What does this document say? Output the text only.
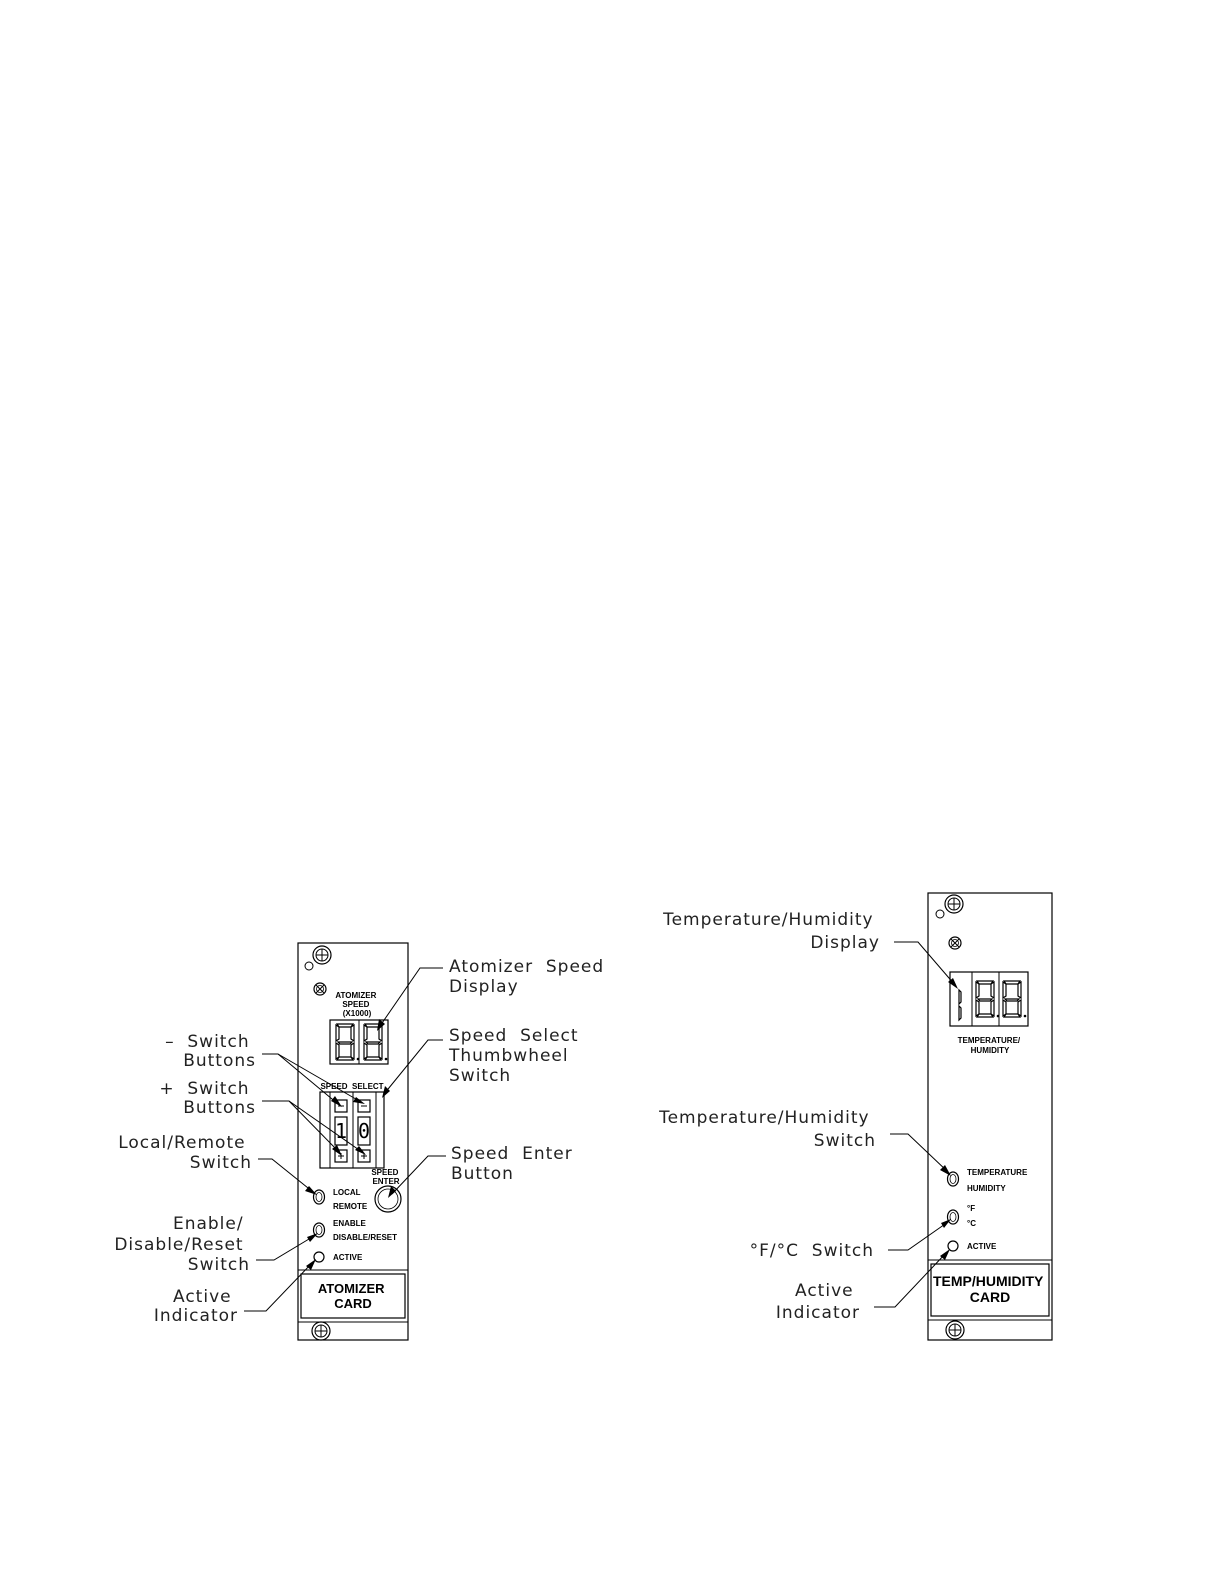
ATOMIZER SPEED (X1000)
SPEED  SELECT
1 0
SPEED ENTER
LOCAL REMOTE
ENABLE DISABLE/RESET
ACTIVE
ATOMIZER CARD
Atomizer  Speed Display
Speed  Select Thumbwheel Switch
Speed  Enter Button
–  Switch Buttons
+  Switch Buttons
Local/Remote Switch
Enable/ Disable/Reset Switch
Active Indicator
TEMPERATURE/ HUMIDITY
TEMPERATURE HUMIDITY
°F °C
ACTIVE
TEMP/HUMIDITY CARD
Temperature/Humidity Display
Temperature/Humidity Switch
°F/°C  Switch
Active Indicator
